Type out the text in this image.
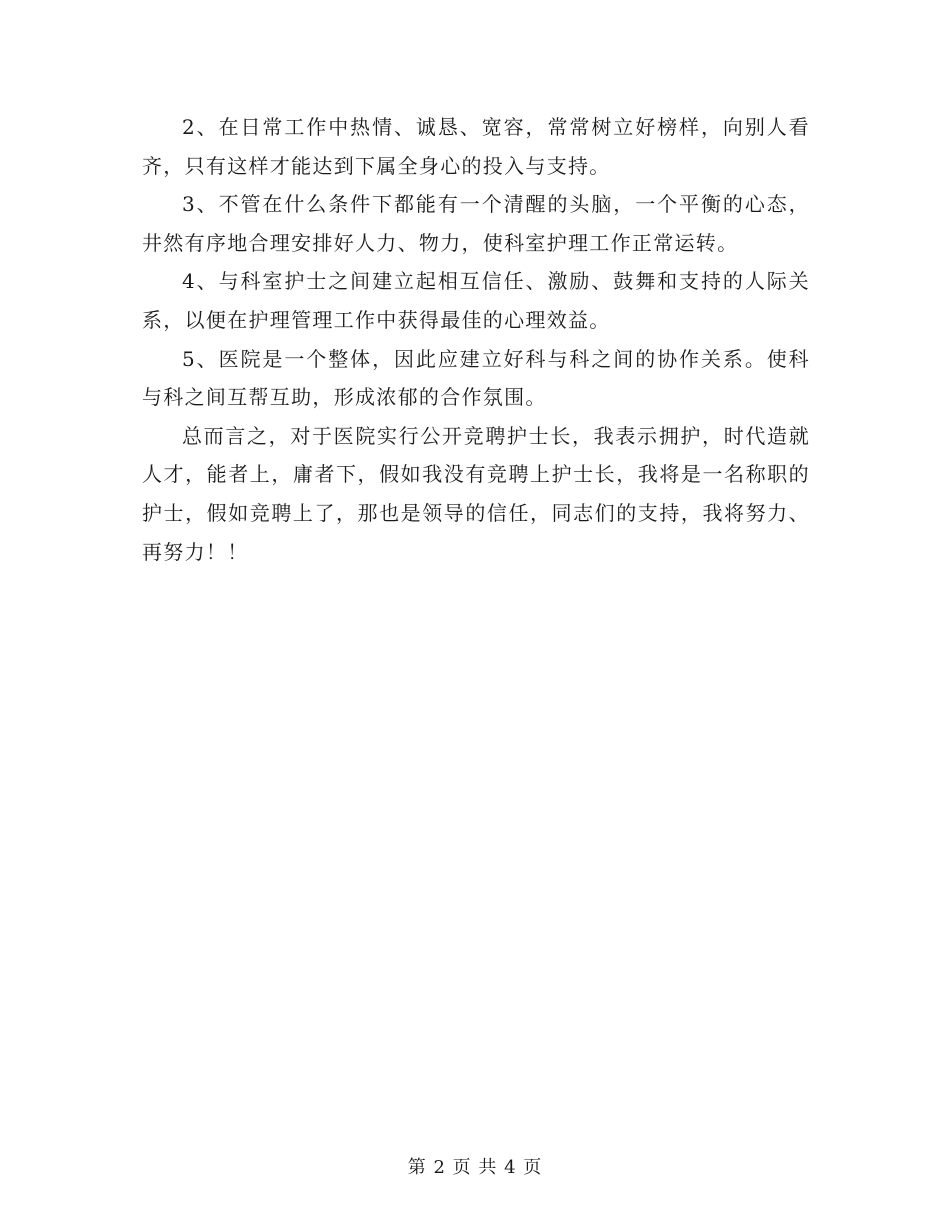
2、在日常工作中热情、诚恳、宽容，常常树立好榜样，向别人看齐，只有这样才能达到下属全身心的投入与支持。

3、不管在什么条件下都能有一个清醒的头脑，一个平衡的心态，井然有序地合理安排好人力、物力，使科室护理工作正常运转。

4、与科室护士之间建立起相互信任、激励、鼓舞和支持的人际关系，以便在护理管理工作中获得最佳的心理效益。

5、医院是一个整体，因此应建立好科与科之间的协作关系。使科与科之间互帮互助，形成浓郁的合作氛围。

总而言之，对于医院实行公开竞聘护士长，我表示拥护，时代造就人才，能者上，庸者下，假如我没有竞聘上护士长，我将是一名称职的护士，假如竞聘上了，那也是领导的信任，同志们的支持，我将努力、再努力！！

第 2 页 共 4 页
